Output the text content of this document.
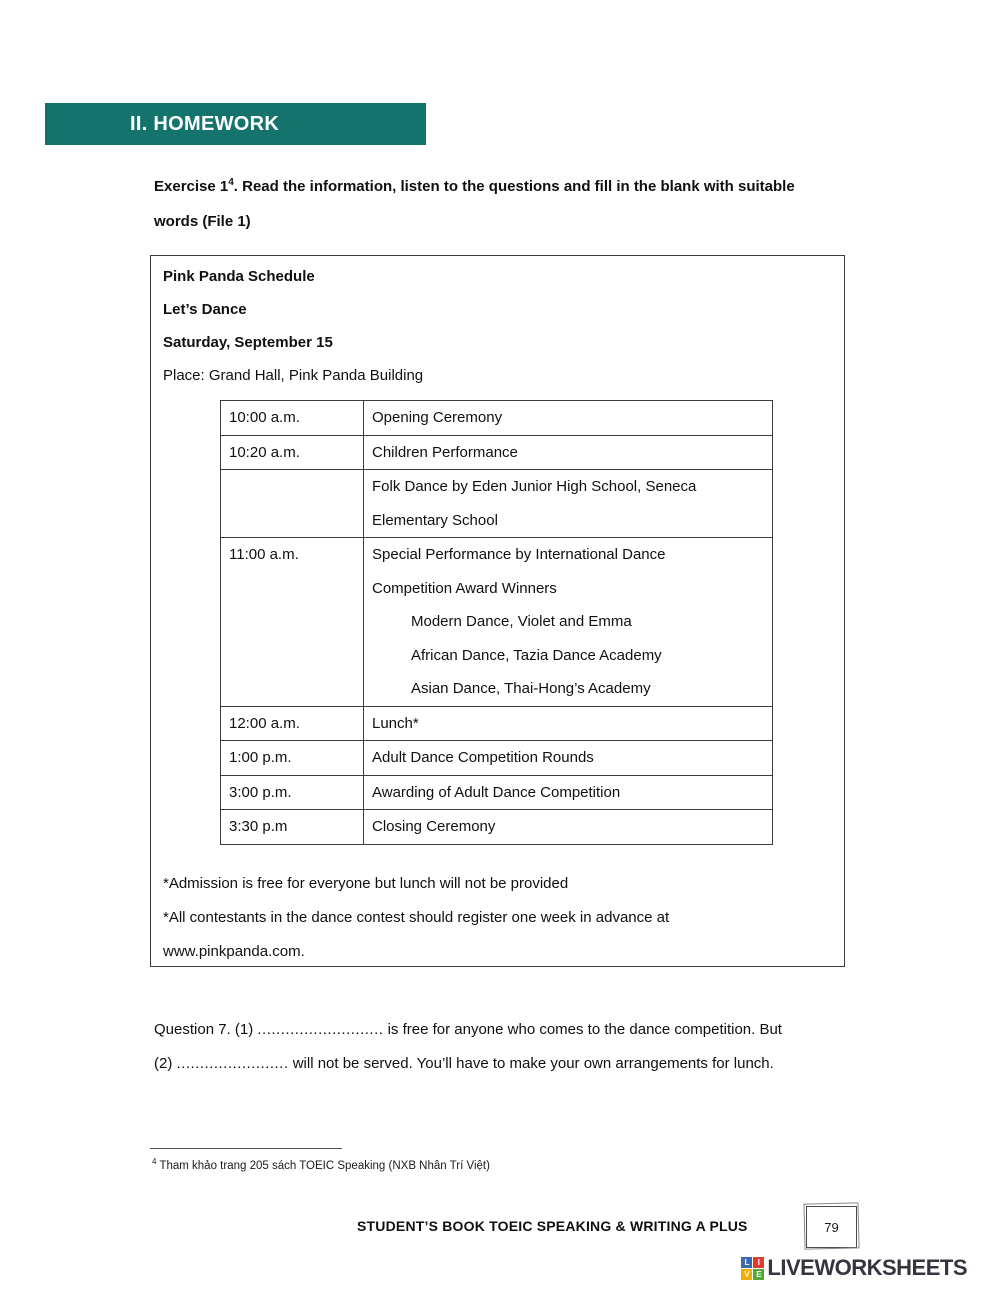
II. HOMEWORK
Exercise $1^4$. Read the information, listen to the questions and fill in the blank with suitable
words (File 1)
Pink Panda Schedule
Let’s Dance
Saturday, September 15
Place: Grand Hall, Pink Panda Building
10:00 a.m.	Opening Ceremony

10:20 a.m.	Children Performance

	Folk Dance by Eden Junior High School, Seneca
Elementary School

11:00 a.m.	Special Performance by International Dance
Competition Award Winners
Modern Dance, Violet and Emma
African Dance, Tazia Dance Academy
Asian Dance, Thai-Hong’s Academy

12:00 a.m.	Lunch*

1:00 p.m.	Adult Dance Competition Rounds

3:00 p.m.	Awarding of Adult Dance Competition

3:30 p.m	Closing Ceremony
*Admission is free for everyone but lunch will not be provided
*All contestants in the dance contest should register one week in advance at
www.pinkpanda.com.
Question 7. (1) ........................... is free for anyone who comes to the dance competition. But
(2) ........................ will not be served. You’ll have to make your own arrangements for lunch.
$^4$ Tham khảo trang 205 sách TOEIC Speaking (NXB Nhân Trí Việt)
STUDENT’S BOOK TOEIC SPEAKING & WRITING A PLUS	79
L	I
V E LIVEWORKSHEETS
